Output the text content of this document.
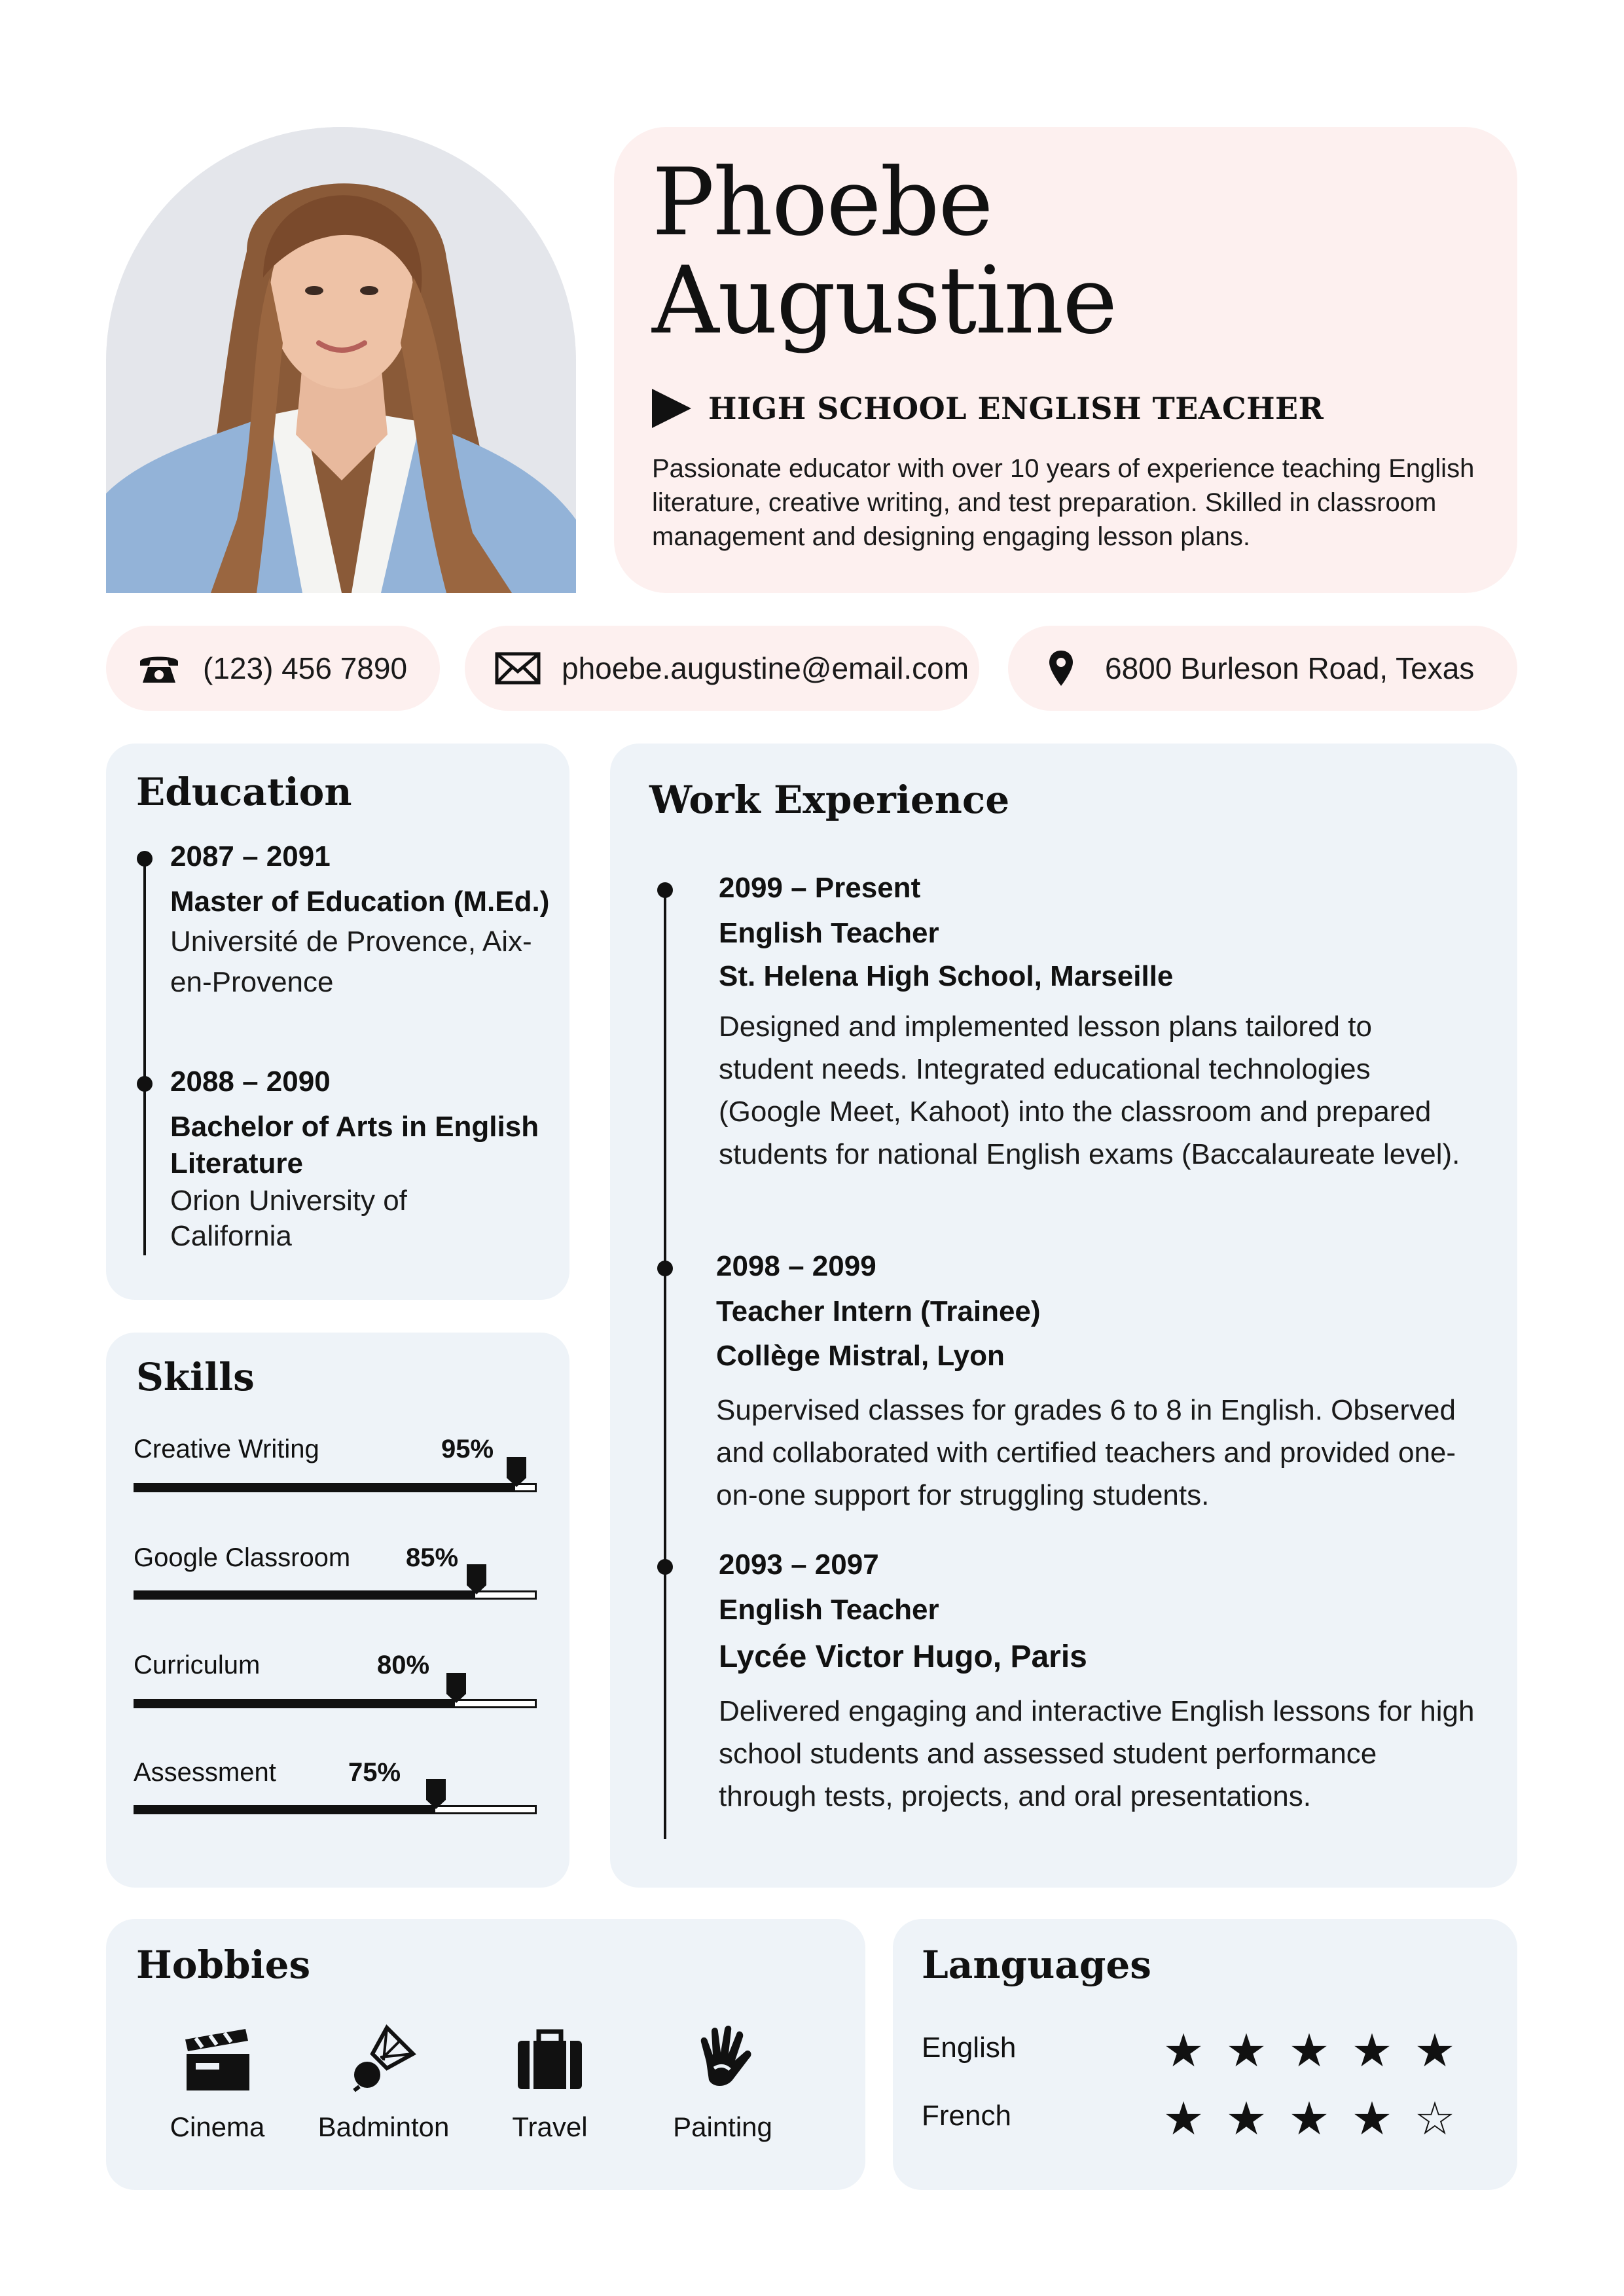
Phoebe
Augustine
HIGH SCHOOL ENGLISH TEACHER
Passionate educator with over 10 years of experience teaching English literature, creative writing, and test preparation. Skilled in classroom management and designing engaging lesson plans.
(123) 456 7890	phoebe.augustine@email.com	6800 Burleson Road, Texas
Education
2087 – 2091
Master of Education (M.Ed.)
Université de Provence, Aix-en-Provence
2088 – 2090
Bachelor of Arts in English Literature
Orion University of California
Skills
Creative Writing	95%
Google Classroom 85%
Curriculum	80%
Assessment	75%
Work Experience
2099 – Present
English Teacher
St. Helena High School, Marseille
Designed and implemented lesson plans tailored to student needs. Integrated educational technologies (Google Meet, Kahoot) into the classroom and prepared students for national English exams (Baccalaureate level).
2098 – 2099
Teacher Intern (Trainee)
Collège Mistral, Lyon
Supervised classes for grades 6 to 8 in English. Observed and collaborated with certified teachers and provided one-on-one support for struggling students.
2093 – 2097
English Teacher
Lycée Victor Hugo, Paris
Delivered engaging and interactive English lessons for high school students and assessed student performance through tests, projects, and oral presentations.
Hobbies
Cinema	Badminton	Travel	Painting
Languages
English	★ ★ ★ ★ ★
French	★ ★ ★ ★ ☆
